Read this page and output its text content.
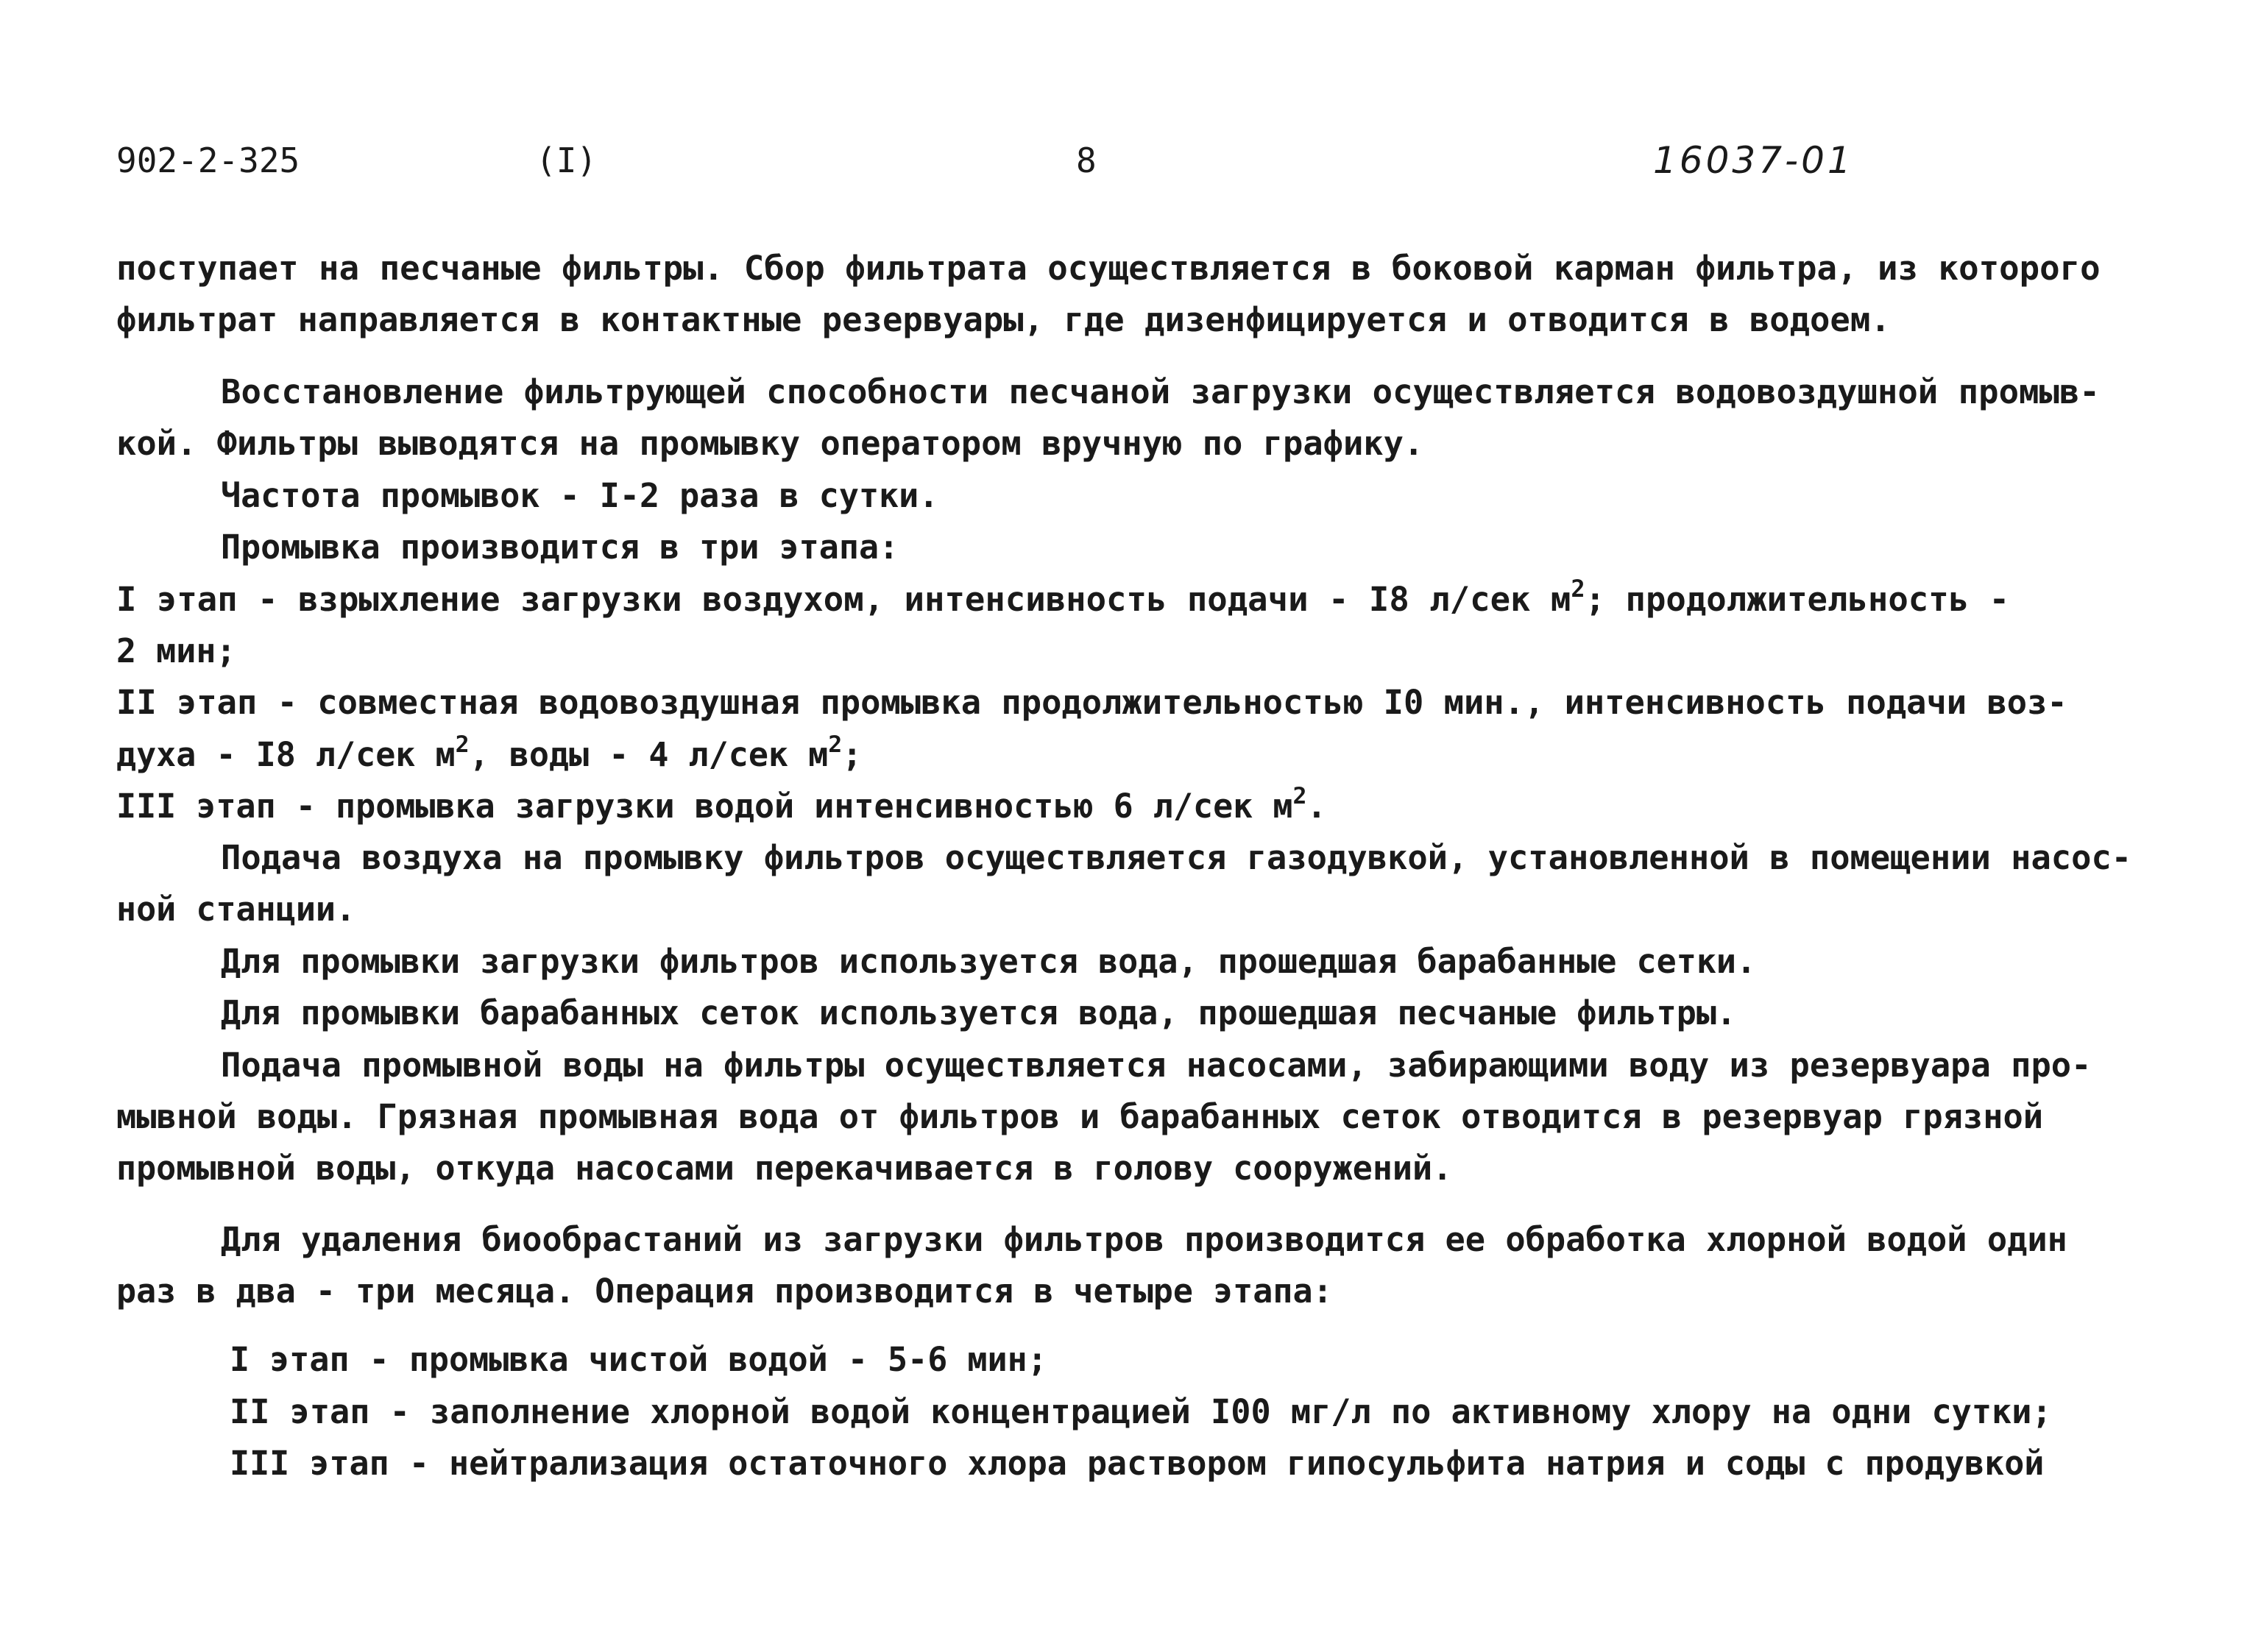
902-2-325	(I)	8	16037-01
поступает на песчаные фильтры. Сбор фильтрата осуществляется в боковой карман фильтра, из которого
фильтрат направляется в контактные резервуары, где дизенфицируется и отводится в водоем.
Восстановление фильтрующей способности песчаной загрузки осуществляется водовоздушной промыв-
кой. Фильтры выводятся на промывку оператором вручную по графику.
Частота промывок - I-2 раза в сутки.
Промывка производится в три этапа:
I этап - взрыхление загрузки воздухом, интенсивность подачи - I8 л/сек $м^2$; продолжительность -
2 мин;
II этап - совместная водовоздушная промывка продолжительностью I0 мин., интенсивность подачи воз-
духа - I8 л/сек $м^2$, воды - 4 л/сек $м^2$;
III этап - промывка загрузки водой интенсивностью 6 л/сек $м^2$.
Подача воздуха на промывку фильтров осуществляется газодувкой, установленной в помещении насос-
ной станции.
Для промывки загрузки фильтров используется вода, прошедшая барабанные сетки.
Для промывки барабанных сеток используется вода, прошедшая песчаные фильтры.
Подача промывной воды на фильтры осуществляется насосами, забирающими воду из резервуара про-
мывной воды. Грязная промывная вода от фильтров и барабанных сеток отводится в резервуар грязной
промывной воды, откуда насосами перекачивается в голову сооружений.
Для удаления биообрастаний из загрузки фильтров производится ее обработка хлорной водой один
раз в два - три месяца. Операция производится в четыре этапа:
I этап - промывка чистой водой - 5-6 мин;
II этап - заполнение хлорной водой концентрацией I00 мг/л по активному хлору на одни сутки;
III этап - нейтрализация остаточного хлора раствором гипосульфита натрия и соды с продувкой
